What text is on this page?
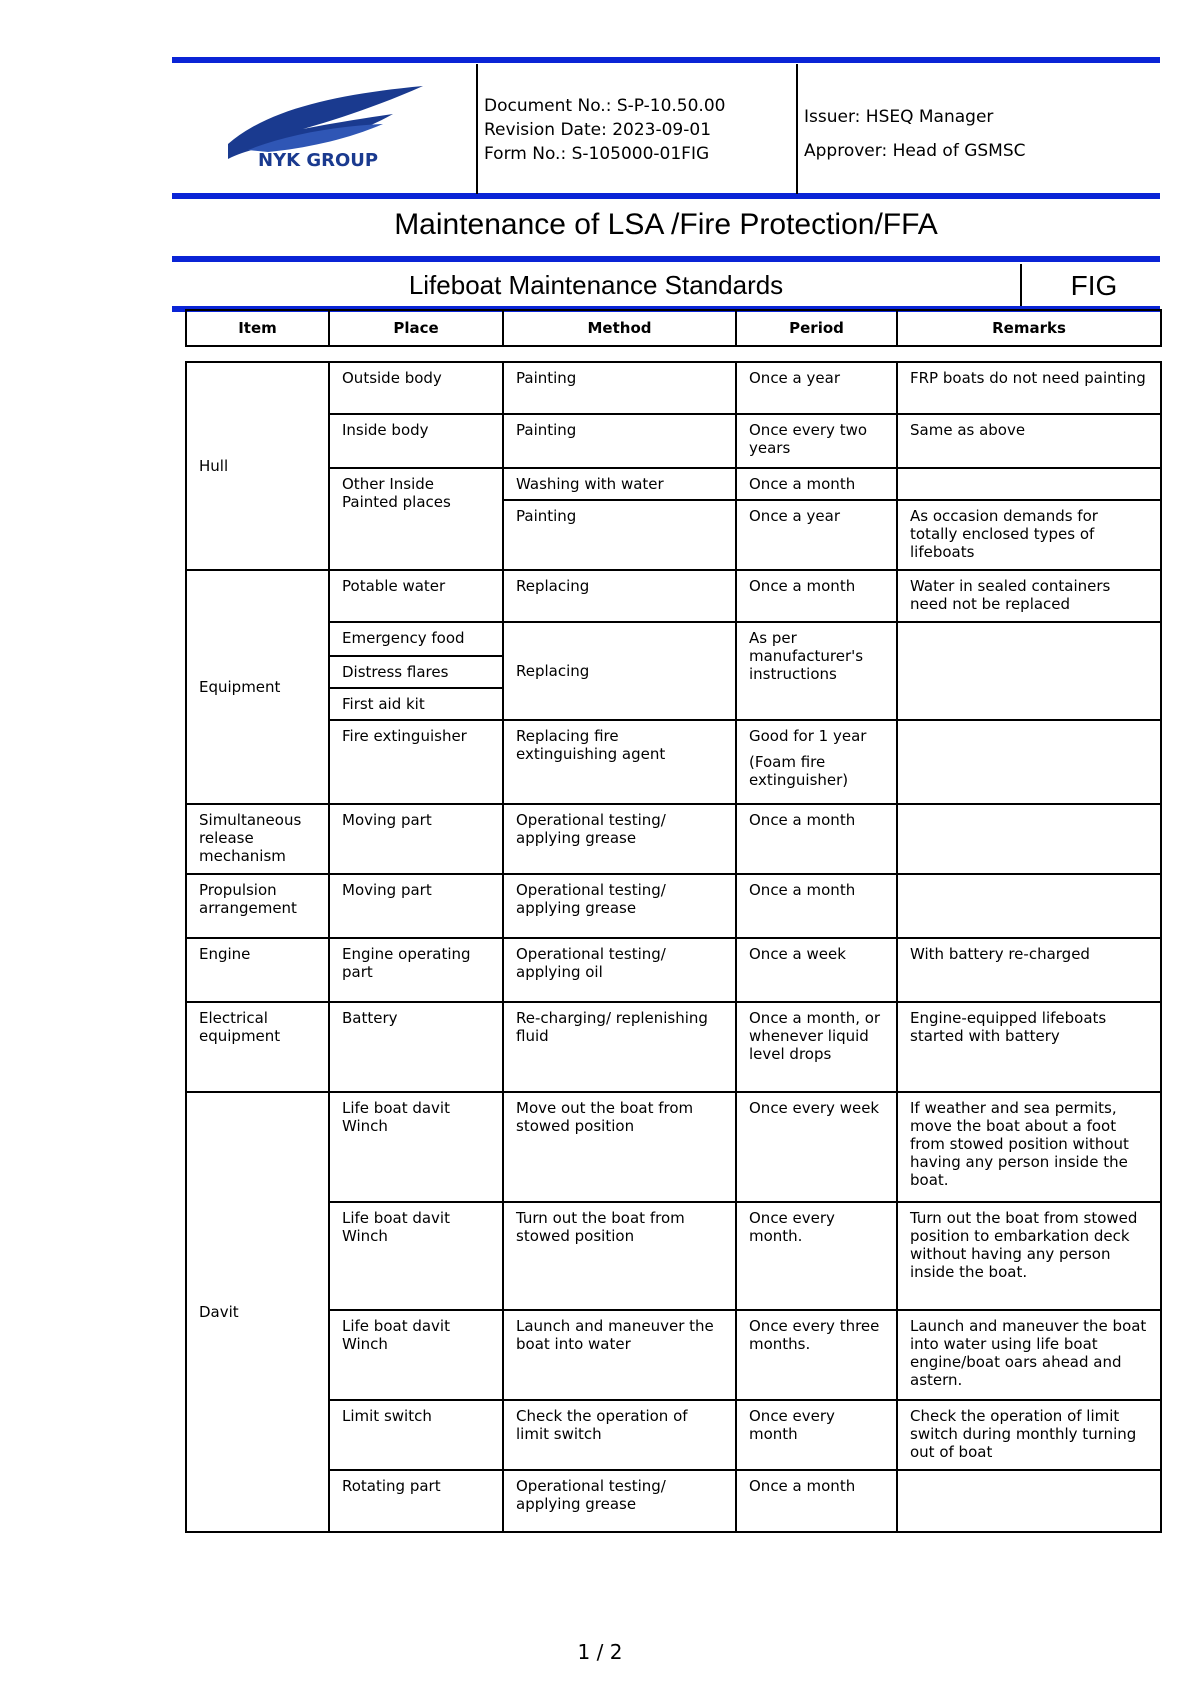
NYK GROUP
Document No.: S-P-10.50.00
Revision Date: 2023-09-01
Form No.: S-105000-01FIG
Issuer: HSEQ Manager
Approver: Head of GSMSC
Maintenance of LSA /Fire Protection/FFA
Lifeboat Maintenance Standards	FIG
Item	Place	Method	Period	Remarks
Hull	Outside body	Painting	Once a year	FRP boats do not need painting
	Inside body	Painting	Once every two years	Same as above
	Other Inside Painted places	Washing with water	Once a month	
		Painting	Once a year	As occasion demands for totally enclosed types of lifeboats
Equipment	Potable water	Replacing	Once a month	Water in sealed containers need not be replaced
	Emergency food	Replacing	As per manufacturer's instructions	
	Distress flares			
	First aid kit			
	Fire extinguisher	Replacing fire extinguishing agent	Good for 1 year
(Foam fire extinguisher)	

Simultaneous release mechanism	Moving part	Operational testing/ applying grease	Once a month	
Propulsion arrangement	Moving part	Operational testing/ applying grease	Once a month	
Engine	Engine operating part	Operational testing/ applying oil	Once a week	With battery re-charged
Electrical equipment	Battery	Re-charging/ replenishing fluid	Once a month, or whenever liquid level drops	Engine-equipped lifeboats started with battery
Davit	Life boat davit Winch	Move out the boat from stowed position	Once every week	If weather and sea permits, move the boat about a foot from stowed position without having any person inside the boat.
	Life boat davit Winch	Turn out the boat from stowed position	Once every month.	Turn out the boat from stowed position to embarkation deck without having any person inside the boat.
	Life boat davit Winch	Launch and maneuver the boat into water	Once every three months.	Launch and maneuver the boat into water using life boat engine/boat oars ahead and astern.
	Limit switch	Check the operation of limit switch	Once every month	Check the operation of limit switch during monthly turning out of boat
	Rotating part	Operational testing/ applying grease	Once a month	
1 / 2
